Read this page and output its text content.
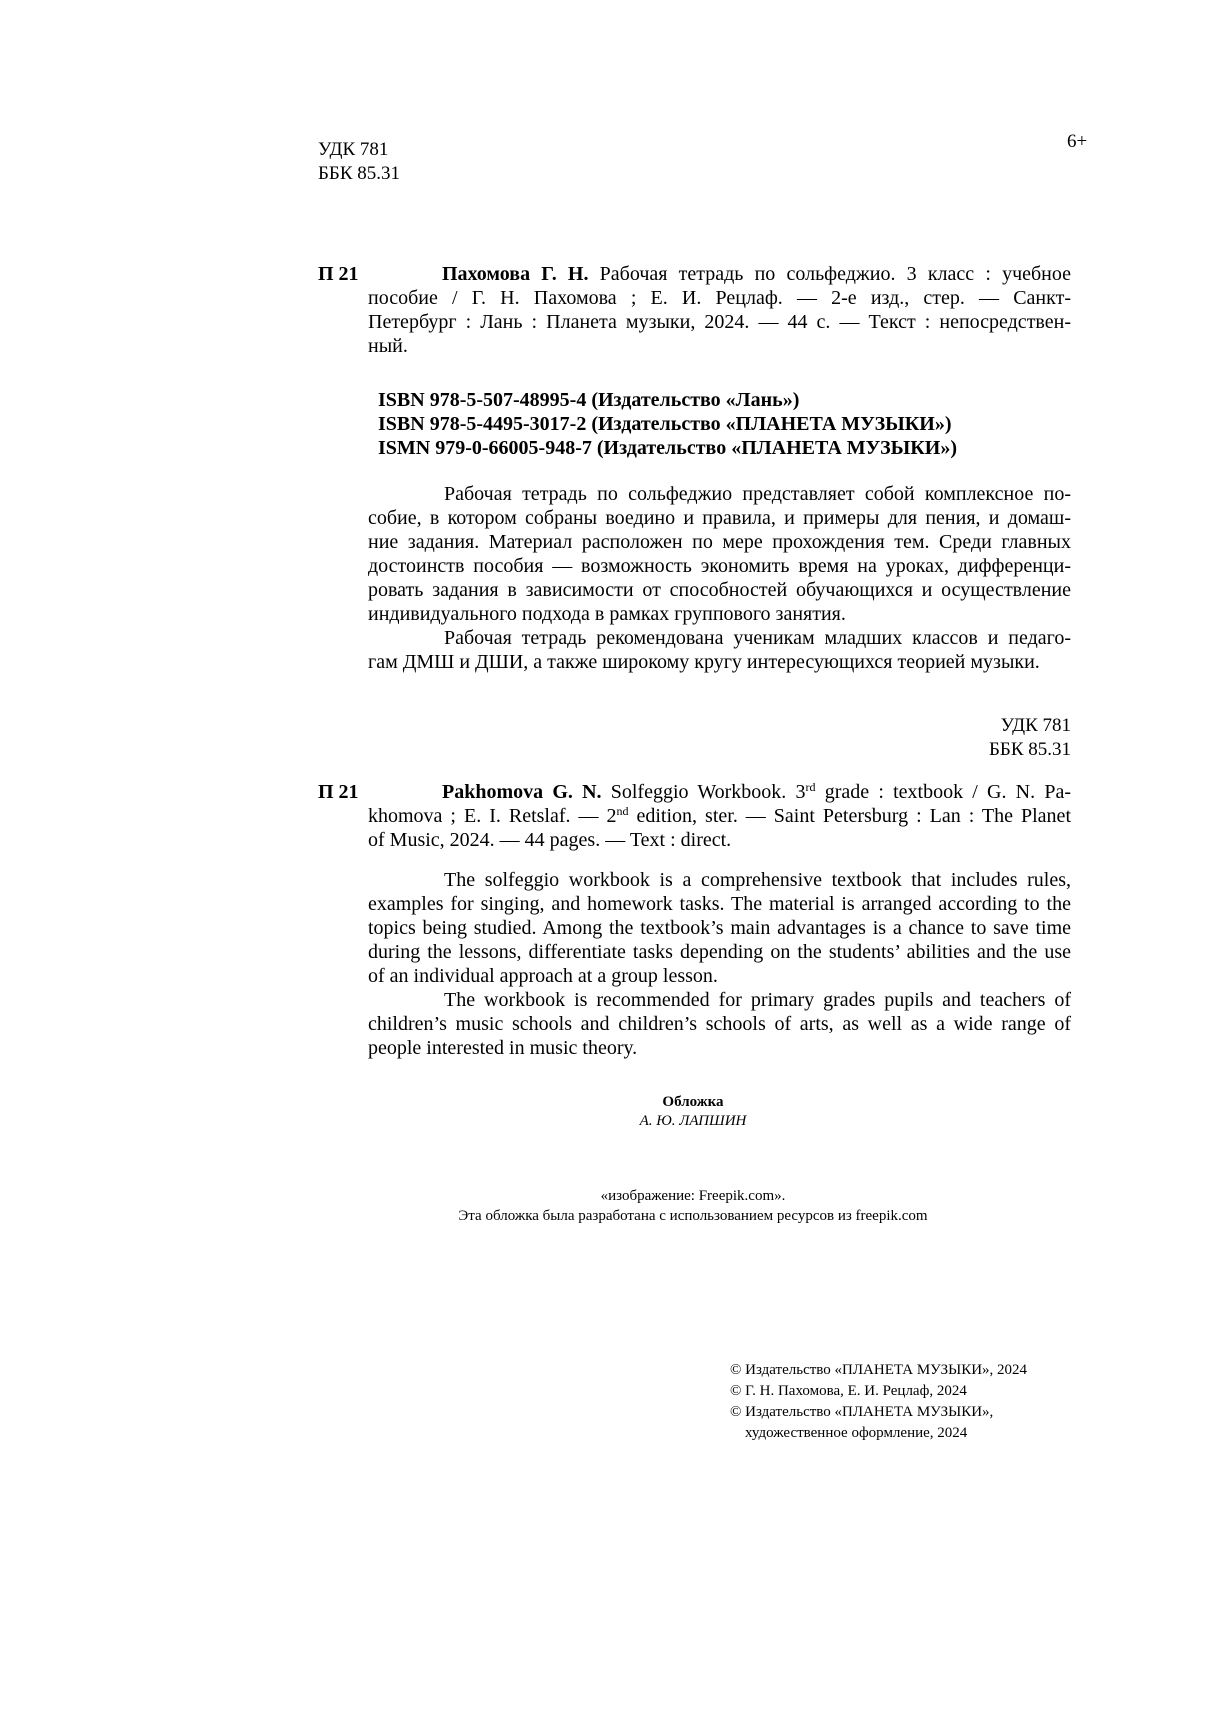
УДК 781
ББК 85.31
6+
П 21	Пахомова Г. Н. Рабочая тетрадь по сольфеджио. 3 класс : учебное
пособие / Г. Н. Пахомова ; Е. И. Рецлаф. — 2-е изд., стер. — Санкт-
Петербург : Лань : Планета музыки, 2024. — 44 с. — Текст : непосредствен-
ный.
ISBN 978-5-507-48995-4 (Издательство «Лань»)
ISBN 978-5-4495-3017-2 (Издательство «ПЛАНЕТА МУЗЫКИ»)
ISMN 979-0-66005-948-7 (Издательство «ПЛАНЕТА МУЗЫКИ»)
Рабочая тетрадь по сольфеджио представляет собой комплексное по-
собие, в котором собраны воедино и правила, и примеры для пения, и домаш-
ние задания. Материал расположен по мере прохождения тем. Среди главных
достоинств пособия — возможность экономить время на уроках, дифференци-
ровать задания в зависимости от способностей обучающихся и осуществление
индивидуального подхода в рамках группового занятия.
Рабочая тетрадь рекомендована ученикам младших классов и педаго-
гам ДМШ и ДШИ, а также широкому кругу интересующихся теорией музыки.
УДК 781
ББК 85.31
П 21	Pakhomova G. N. Solfeggio Workbook. 3rd grade : textbook / G. N. Pa-
khomova ; E. I. Retslaf. — 2nd edition, ster. — Saint Petersburg : Lan : The Planet
of Music, 2024. — 44 pages. — Text : direct.
The solfeggio workbook is a comprehensive textbook that includes rules,
examples for singing, and homework tasks. The material is arranged according to the
topics being studied. Among the textbook’s main advantages is a chance to save time
during the lessons, differentiate tasks depending on the students’ abilities and the use
of an individual approach at a group lesson.
The workbook is recommended for primary grades pupils and teachers of
children’s music schools and children’s schools of arts, as well as a wide range of
people interested in music theory.
Обложка
А. Ю. ЛАПШИН
«изображение: Freepik.com».
Эта обложка была разработана с использованием ресурсов из freepik.com
© Издательство «ПЛАНЕТА МУЗЫКИ», 2024
© Г. Н. Пахомова, Е. И. Рецлаф, 2024
© Издательство «ПЛАНЕТА МУЗЫКИ»,
художественное оформление, 2024
